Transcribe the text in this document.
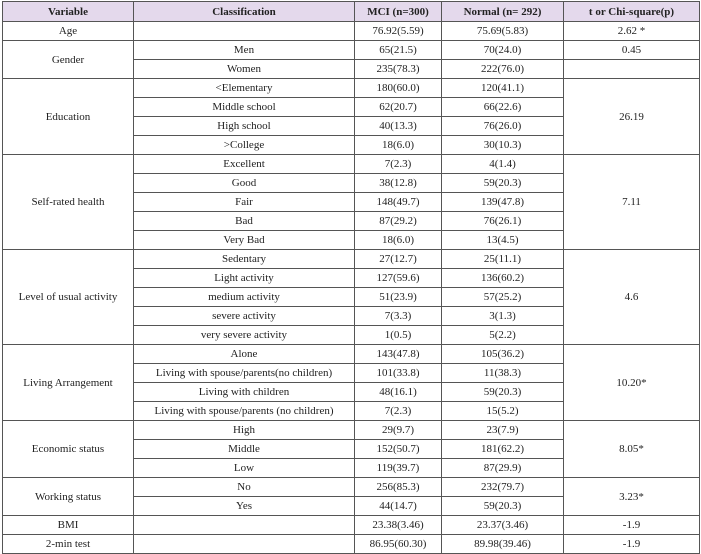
Variable	Classification	MCI (n=300)	Normal (n= 292)	t or Chi-square(p)
Age		76.92(5.59)	75.69(5.83)	2.62 *
Gender	Men	65(21.5)	70(24.0)	0.45
	Women	235(78.3)	222(76.0)	
Education	<Elementary	180(60.0)	120(41.1)	26.19
	Middle school	62(20.7)	66(22.6)	
	High school	40(13.3)	76(26.0)	
	>College	18(6.0)	30(10.3)	
Self-rated health	Excellent	7(2.3)	4(1.4)	7.11
	Good	38(12.8)	59(20.3)	
	Fair	148(49.7)	139(47.8)	
	Bad	87(29.2)	76(26.1)	
	Very Bad	18(6.0)	13(4.5)	
Level of usual activity	Sedentary	27(12.7)	25(11.1)	4.6
	Light activity	127(59.6)	136(60.2)	
	medium activity	51(23.9)	57(25.2)	
	severe activity	7(3.3)	3(1.3)	
	very severe activity	1(0.5)	5(2.2)	
Living Arrangement	Alone	143(47.8)	105(36.2)	10.20*
	Living with spouse/parents(no children)	101(33.8)	11(38.3)	
	Living with children	48(16.1)	59(20.3)	
	Living with spouse/parents (no children)	7(2.3)	15(5.2)	
Economic status	High	29(9.7)	23(7.9)	8.05*
	Middle	152(50.7)	181(62.2)	
	Low	119(39.7)	87(29.9)	
Working status	No	256(85.3)	232(79.7)	3.23*
	Yes	44(14.7)	59(20.3)	
BMI		23.38(3.46)	23.37(3.46)	-1.9
2-min test		86.95(60.30)	89.98(39.46)	-1.9
